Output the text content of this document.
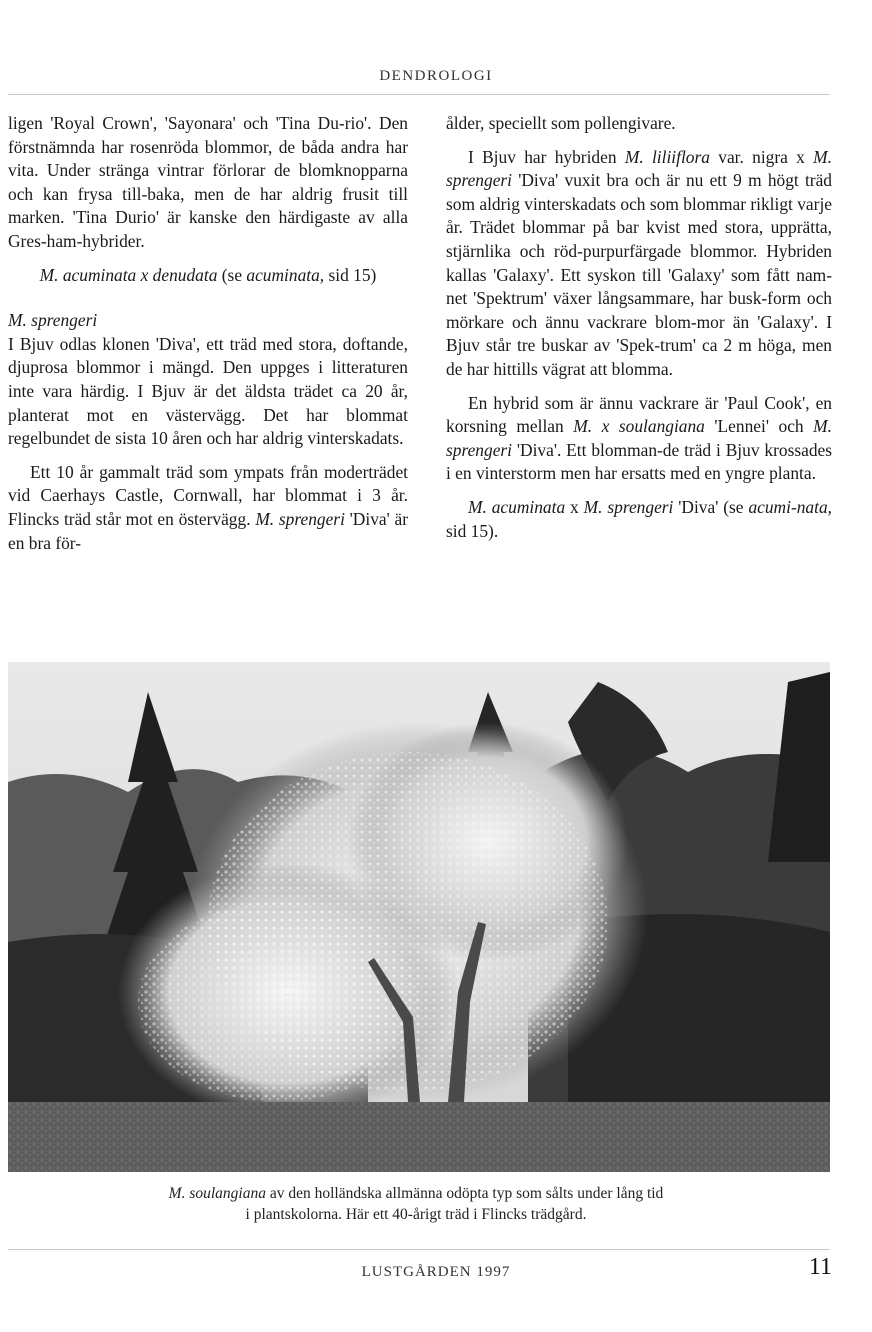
DENDROLOGI

ligen 'Royal Crown', 'Sayonara' och 'Tina Du-rio'. Den förstnämnda har rosenröda blommor, de båda andra har vita. Under stränga vintrar förlorar de blomknopparna och kan frysa till-baka, men de har aldrig frusit till marken. 'Tina Durio' är kanske den härdigaste av alla Gres-ham-hybrider.

M. acuminata x denudata (se acuminata, sid 15)

M. sprengeri

I Bjuv odlas klonen 'Diva', ett träd med stora, doftande, djuprosa blommor i mängd. Den uppges i litteraturen inte vara härdig. I Bjuv är det äldsta trädet ca 20 år, planterat mot en västervägg. Det har blommat regelbundet de sista 10 åren och har aldrig vinterskadats.

Ett 10 år gammalt träd som ympats från moderträdet vid Caerhays Castle, Cornwall, har blommat i 3 år. Flincks träd står mot en östervägg. M. sprengeri 'Diva' är en bra för-

ålder, speciellt som pollengivare.

I Bjuv har hybriden M. liliiflora var. nigra x M. sprengeri 'Diva' vuxit bra och är nu ett 9 m högt träd som aldrig vinterskadats och som blommar rikligt varje år. Trädet blommar på bar kvist med stora, upprätta, stjärnlika och röd-purpurfärgade blommor. Hybriden kallas 'Galaxy'. Ett syskon till 'Galaxy' som fått nam-net 'Spektrum' växer långsammare, har busk-form och mörkare och ännu vackrare blom-mor än 'Galaxy'. I Bjuv står tre buskar av 'Spek-trum' ca 2 m höga, men de har hittills vägrat att blomma.

En hybrid som är ännu vackrare är 'Paul Cook', en korsning mellan M. x soulangiana 'Lennei' och M. sprengeri 'Diva'. Ett blomman-de träd i Bjuv krossades i en vinterstorm men har ersatts med en yngre planta.

M. acuminata x M. sprengeri 'Diva' (se acumi-nata, sid 15).

M. soulangiana av den holländska allmänna odöpta typ som sålts under lång tid
i plantskolorna. Här ett 40-årigt träd i Flincks trädgård.
LUSTGÅRDEN 1997	11
